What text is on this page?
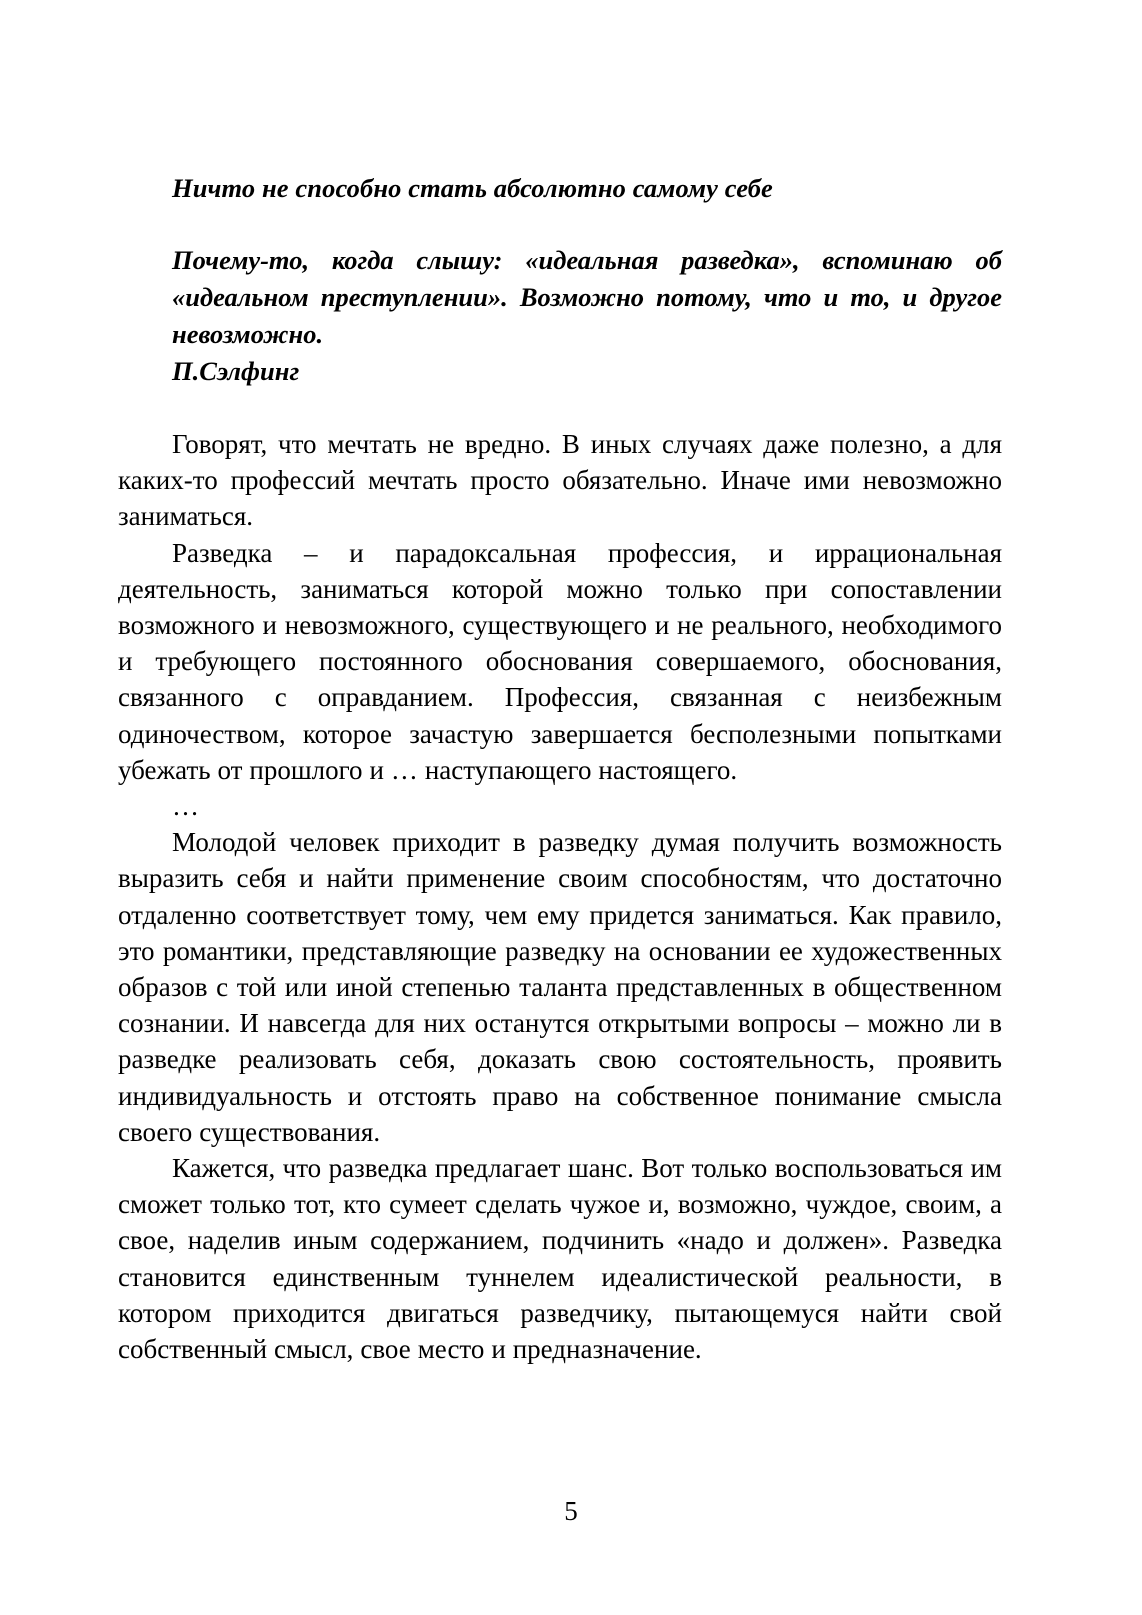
Ничто не способно стать абсолютно самому себе
Почему-то, когда слышу: «идеальная разведка», вспоминаю об «идеальном преступлении». Возможно потому, что и то, и другое невозможно.
П.Сэлфинг

Говорят, что мечтать не вредно. В иных случаях даже полезно, а для каких-то профессий мечтать просто обязательно. Иначе ими невозможно заниматься.

Разведка – и парадоксальная профессия, и иррациональная деятельность, заниматься которой можно только при сопоставлении возможного и невозможного, существующего и не реального, необходимого и требующего постоянного обоснования совершаемого, обоснования, связанного с оправданием. Профессия, связанная с неизбежным одиночеством, которое зачастую завершается бесполезными попытками убежать от прошлого и … наступающего настоящего.

…

Молодой человек приходит в разведку думая получить возможность выразить себя и найти применение своим способностям, что достаточно отдаленно соответствует тому, чем ему придется заниматься. Как правило, это романтики, представляющие разведку на основании ее художественных образов с той или иной степенью таланта представленных в общественном сознании. И навсегда для них останутся открытыми вопросы – можно ли в разведке реализовать себя, доказать свою состоятельность, проявить индивидуальность и отстоять право на собственное понимание смысла своего существования.

Кажется, что разведка предлагает шанс. Вот только воспользоваться им сможет только тот, кто сумеет сделать чужое и, возможно, чуждое, своим, а свое, наделив иным содержанием, подчинить «надо и должен». Разведка становится единственным туннелем идеалистической реальности, в котором приходится двигаться разведчику, пытающемуся найти свой собственный смысл, свое место и предназначение.

5
